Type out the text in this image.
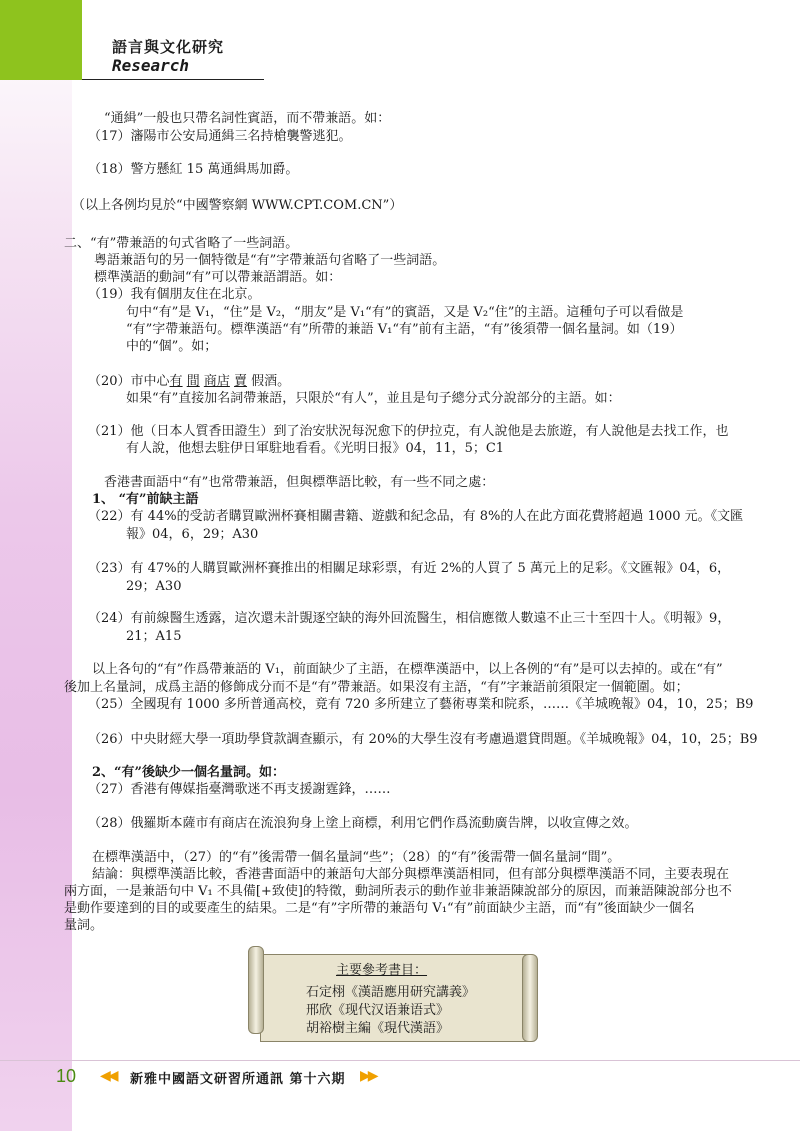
語言與文化研究
Research
“通緝”一般也只帶名詞性賓語，而不帶兼語。如：
（17）瀋陽市公安局通緝三名持槍襲警逃犯。
（18）警方懸紅 15 萬通緝馬加爵。
（以上各例均見於“中國警察網 WWW.CPT.COM.CN”）
二、“有”帶兼語的句式省略了一些詞語。
粵語兼語句的另一個特徵是“有”字帶兼語句省略了一些詞語。
標準漢語的動詞“有”可以帶兼語謂語。如：
（19）我有個朋友住在北京。
句中“有”是 V₁，“住”是 V₂，“朋友”是 V₁“有”的賓語，又是 V₂“住”的主語。這種句子可以看做是
“有”字帶兼語句。標準漢語“有”所帶的兼語 V₁“有”前有主語，“有”後須帶一個名量詞。如（19）
中的“個”。如；
（20）市中心有 間 商店 賣 假酒。
如果“有”直接加名詞帶兼語，只限於“有人”，並且是句子總分式分說部分的主語。如：
（21）他（日本人質香田證生）到了治安狀況每況愈下的伊拉克，有人說他是去旅遊，有人說他是去找工作，也
有人說，他想去駐伊日軍駐地看看。《光明日报》04，11，5；C1
香港書面語中“有”也常帶兼語，但與標準語比較，有一些不同之處：
1、 “有”前缺主語
（22）有 44%的受訪者購買歐洲杯賽相關書籍、遊戲和紀念品，有 8%的人在此方面花費將超過 1000 元。《文匯
報》04，6，29；A30
（23）有 47%的人購買歐洲杯賽推出的相關足球彩票，有近 2%的人買了 5 萬元上的足彩。《文匯報》04，6，
29；A30
（24）有前線醫生透露，這次還未計覬逐空缺的海外回流醫生，相信應徵人數遠不止三十至四十人。《明報》9，
21；A15
以上各句的“有”作爲帶兼語的 V₁，前面缺少了主語，在標準漢語中，以上各例的“有”是可以去掉的。或在“有”
後加上名量詞，成爲主語的修飾成分而不是“有”帶兼語。如果沒有主語，“有”字兼語前須限定一個範圍。如；
（25）全國現有 1000 多所普通高校，竟有 720 多所建立了藝術專業和院系，……《羊城晚報》04，10，25；B9
（26）中央財經大學一項助學貸款調查顯示，有 20%的大學生沒有考慮過還貸問題。《羊城晚報》04，10，25；B9
2、“有”後缺少一個名量詞。如：
（27）香港有傳媒指臺灣歌迷不再支援謝霆鋒，……
（28）俄羅斯本薩市有商店在流浪狗身上塗上商標，利用它們作爲流動廣告牌，以收宣傳之效。
在標準漢語中，（27）的“有”後需帶一個名量詞“些”；（28）的“有”後需帶一個名量詞“間”。
結論：與標準漢語比較，香港書面語中的兼語句大部分與標準漢語相同，但有部分與標準漢語不同，主要表現在
兩方面，一是兼語句中 V₁ 不具備[+致使]的特徵，動詞所表示的動作並非兼語陳說部分的原因，而兼語陳說部分也不
是動作要達到的目的或要產生的結果。二是“有”字所帶的兼語句 V₁“有”前面缺少主語，而“有”後面缺少一個名
量詞。
主要參考書目：
石定栩《漢語應用研究講義》
邢欣《现代汉语兼语式》
胡裕樹主編《現代漢語》
10 ◀◀ 新雅中國語文研習所通訊 第十六期 ▶▶
